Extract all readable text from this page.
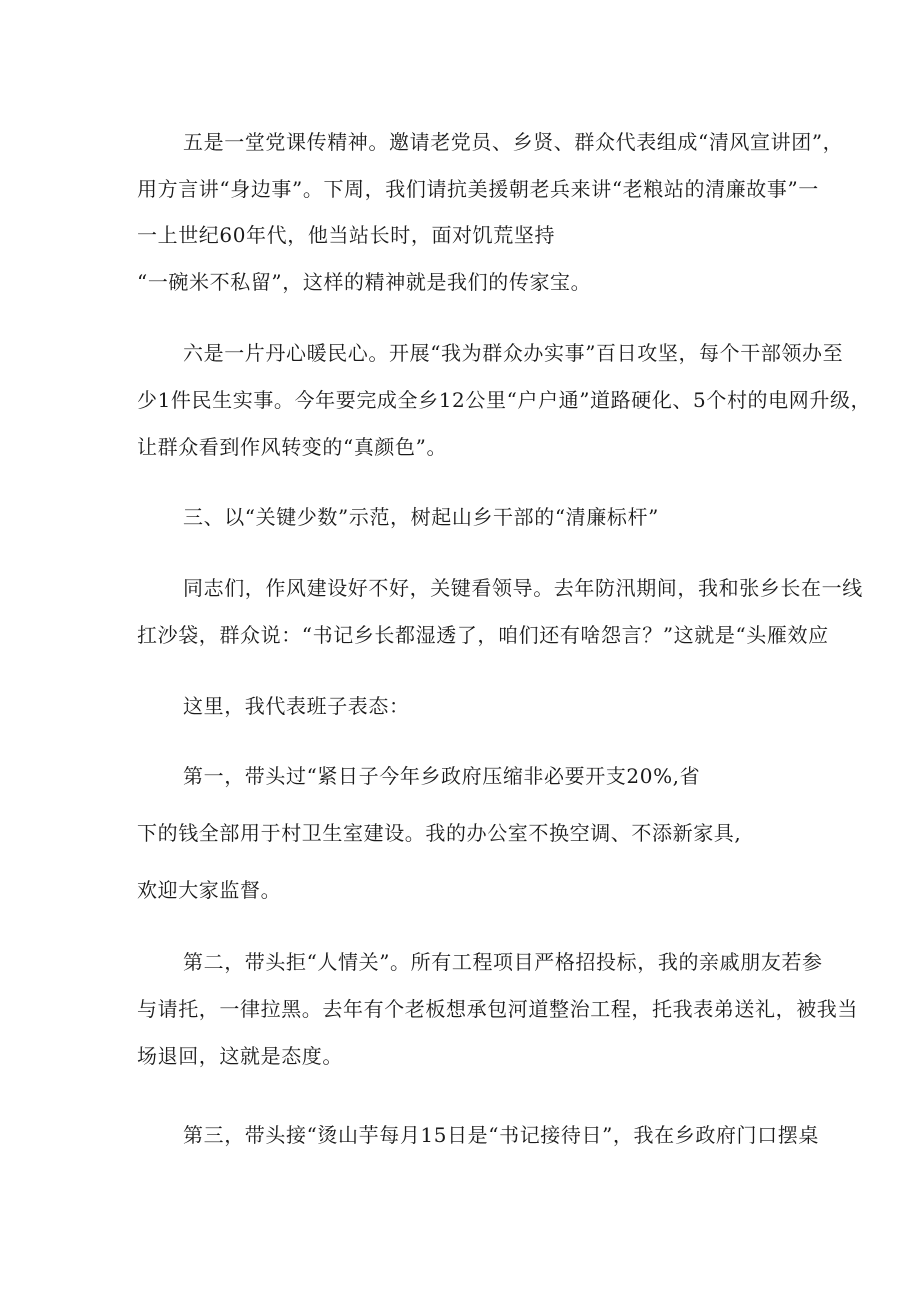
五是一堂党课传精神。邀请老党员、乡贤、群众代表组成“清风宣讲团”，
用方言讲“身边事”。下周，我们请抗美援朝老兵来讲“老粮站的清廉故事”一
一上世纪60年代，他当站长时，面对饥荒坚持
“一碗米不私留”，这样的精神就是我们的传家宝。
六是一片丹心暖民心。开展“我为群众办实事”百日攻坚，每个干部领办至
少1件民生实事。今年要完成全乡12公里“户户通”道路硬化、5个村的电网升级，
让群众看到作风转变的“真颜色”。
三、以“关键少数”示范，树起山乡干部的“清廉标杆”
同志们，作风建设好不好，关键看领导。去年防汛期间，我和张乡长在一线
扛沙袋，群众说：“书记乡长都湿透了，咱们还有啥怨言？”这就是“头雁效应
这里，我代表班子表态：
第一，带头过“紧日子今年乡政府压缩非必要开支20%,省
下的钱全部用于村卫生室建设。我的办公室不换空调、不添新家具,
欢迎大家监督。
第二，带头拒“人情关”。所有工程项目严格招投标，我的亲戚朋友若参
与请托，一律拉黑。去年有个老板想承包河道整治工程，托我表弟送礼，被我当
场退回，这就是态度。
第三，带头接“烫山芋每月15日是“书记接待日”，我在乡政府门口摆桌
